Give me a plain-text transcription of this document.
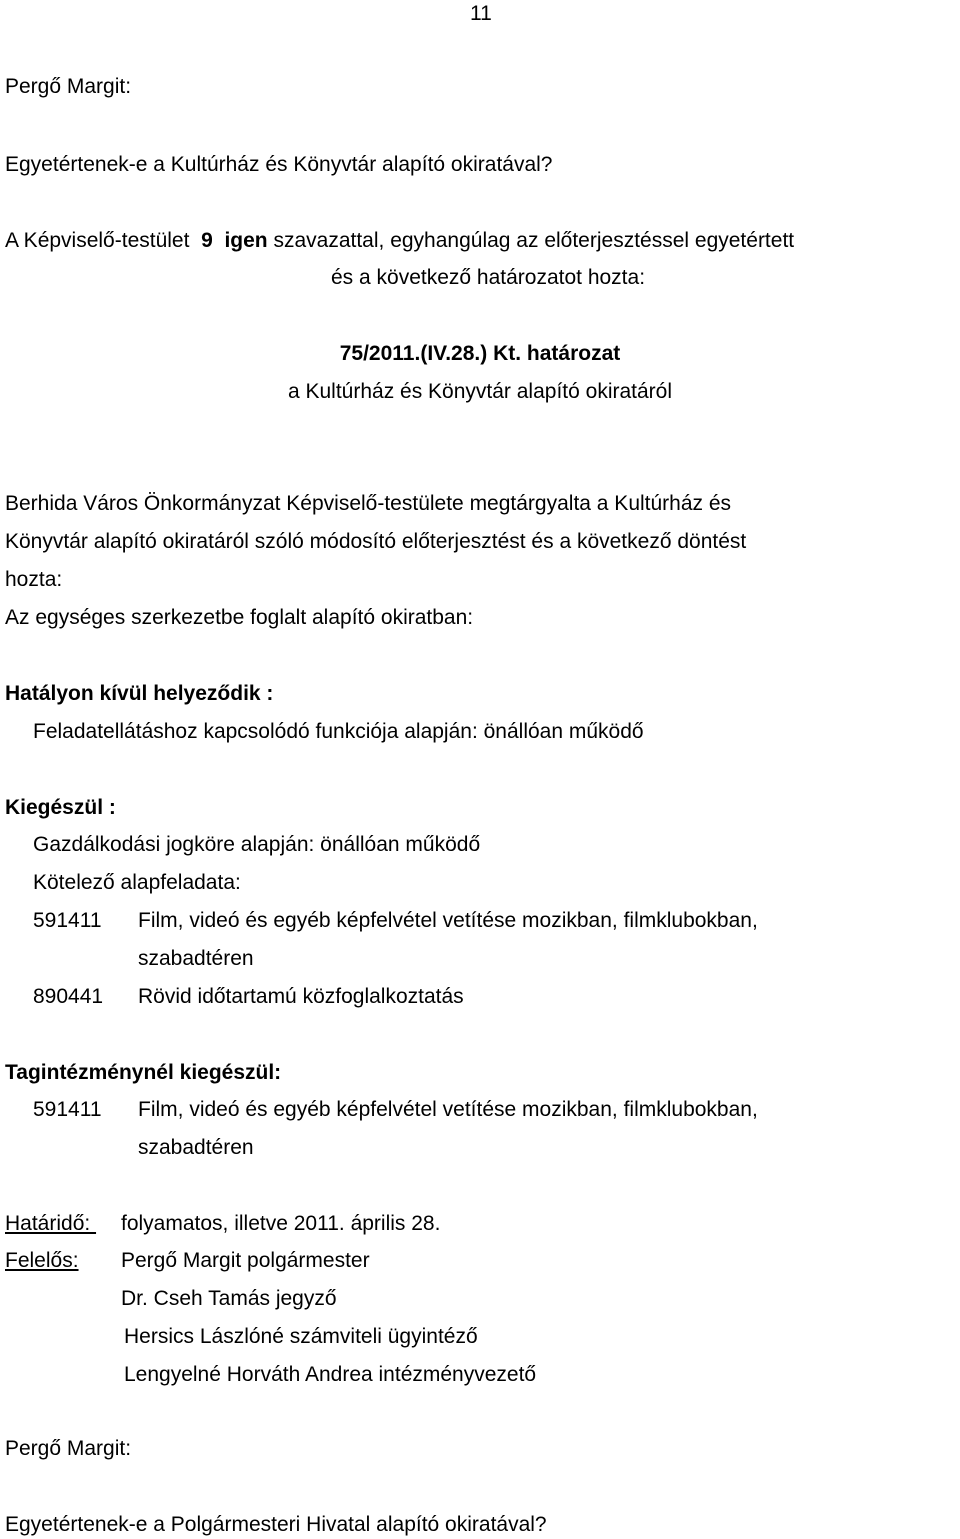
11
Pergő Margit:
Egyetértenek-e a Kultúrház és Könyvtár alapító okiratával?
A Képviselő-testület  9 igen szavazattal, egyhangúlag az előterjesztéssel egyetértett
és a következő határozatot hozta:
75/2011.(IV.28.) Kt. határozat
a Kultúrház és Könyvtár alapító okiratáról
Berhida Város Önkormányzat Képviselő-testülete megtárgyalta a Kultúrház és
Könyvtár alapító okiratáról szóló módosító előterjesztést és a következő döntést
hozta:
Az egységes szerkezetbe foglalt alapító okiratban:
Hatályon kívül helyeződik :
Feladatellátáshoz kapcsolódó funkciója alapján: önállóan működő
Kiegészül :
Gazdálkodási jogköre alapján: önállóan működő
Kötelező alapfeladata:
591411 Film, videó és egyéb képfelvétel vetítése mozikban, filmklubokban,
szabadtéren
890441 Rövid időtartamú közfoglalkoztatás
Tagintézménynél kiegészül:
591411 Film, videó és egyéb képfelvétel vetítése mozikban, filmklubokban,
szabadtéren
Határidő: folyamatos, illetve 2011. április 28.
Felelős: Pergő Margit polgármester
Dr. Cseh Tamás jegyző
Hersics Lászlóné számviteli ügyintéző
Lengyelné Horváth Andrea intézményvezető
Pergő Margit:
Egyetértenek-e a Polgármesteri Hivatal alapító okiratával?
